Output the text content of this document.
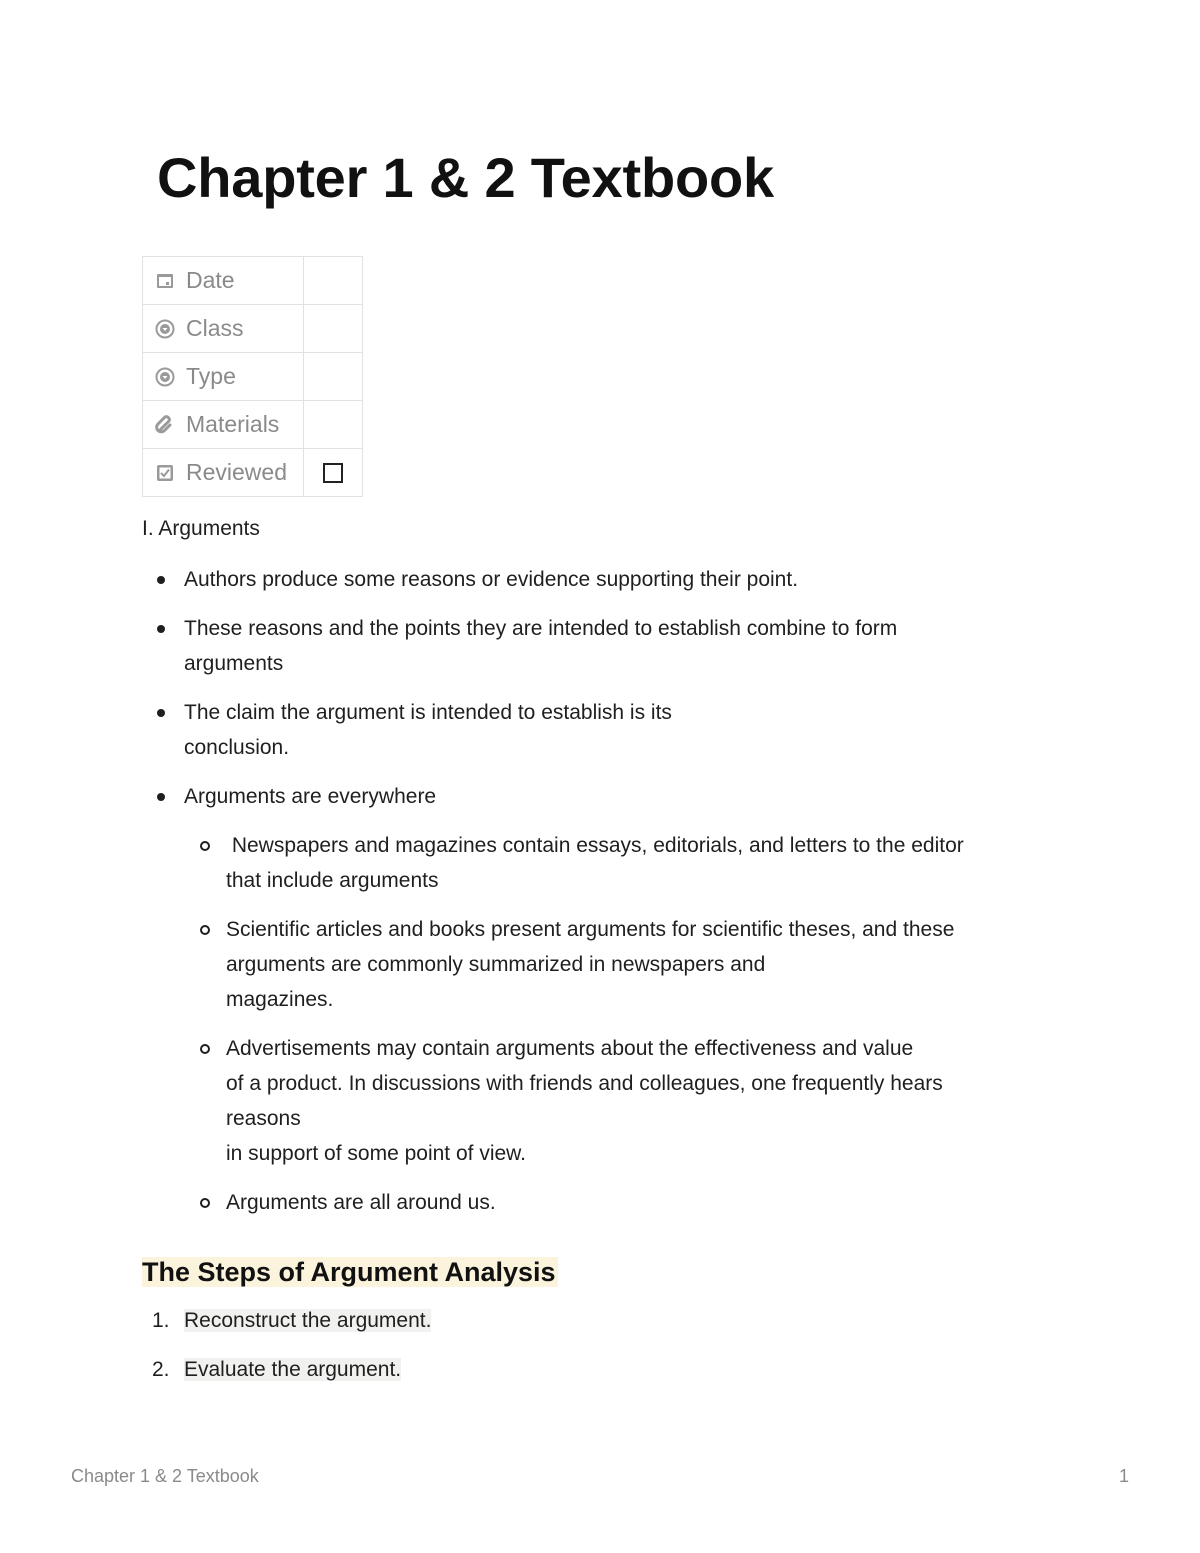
Chapter 1 & 2 Textbook
Date	

Class	

Type	

Materials	

Reviewed	

I. Arguments

Authors produce some reasons or evidence supporting their point.
These reasons and the points they are intended to establish combine to form
arguments
The claim the argument is intended to establish is its
conclusion.
Arguments are everywhere
Newspapers and magazines contain essays, editorials, and letters to the editor
that include arguments
Scientific articles and books present arguments for scientific theses, and these
arguments are commonly summarized in newspapers and
magazines.
Advertisements may contain arguments about the effectiveness and value
of a product. In discussions with friends and colleagues, one frequently hears
reasons
in support of some point of view.
Arguments are all around us.
The Steps of Argument Analysis
1. Reconstruct the argument.
2. Evaluate the argument.
Chapter 1 & 2 Textbook	1
